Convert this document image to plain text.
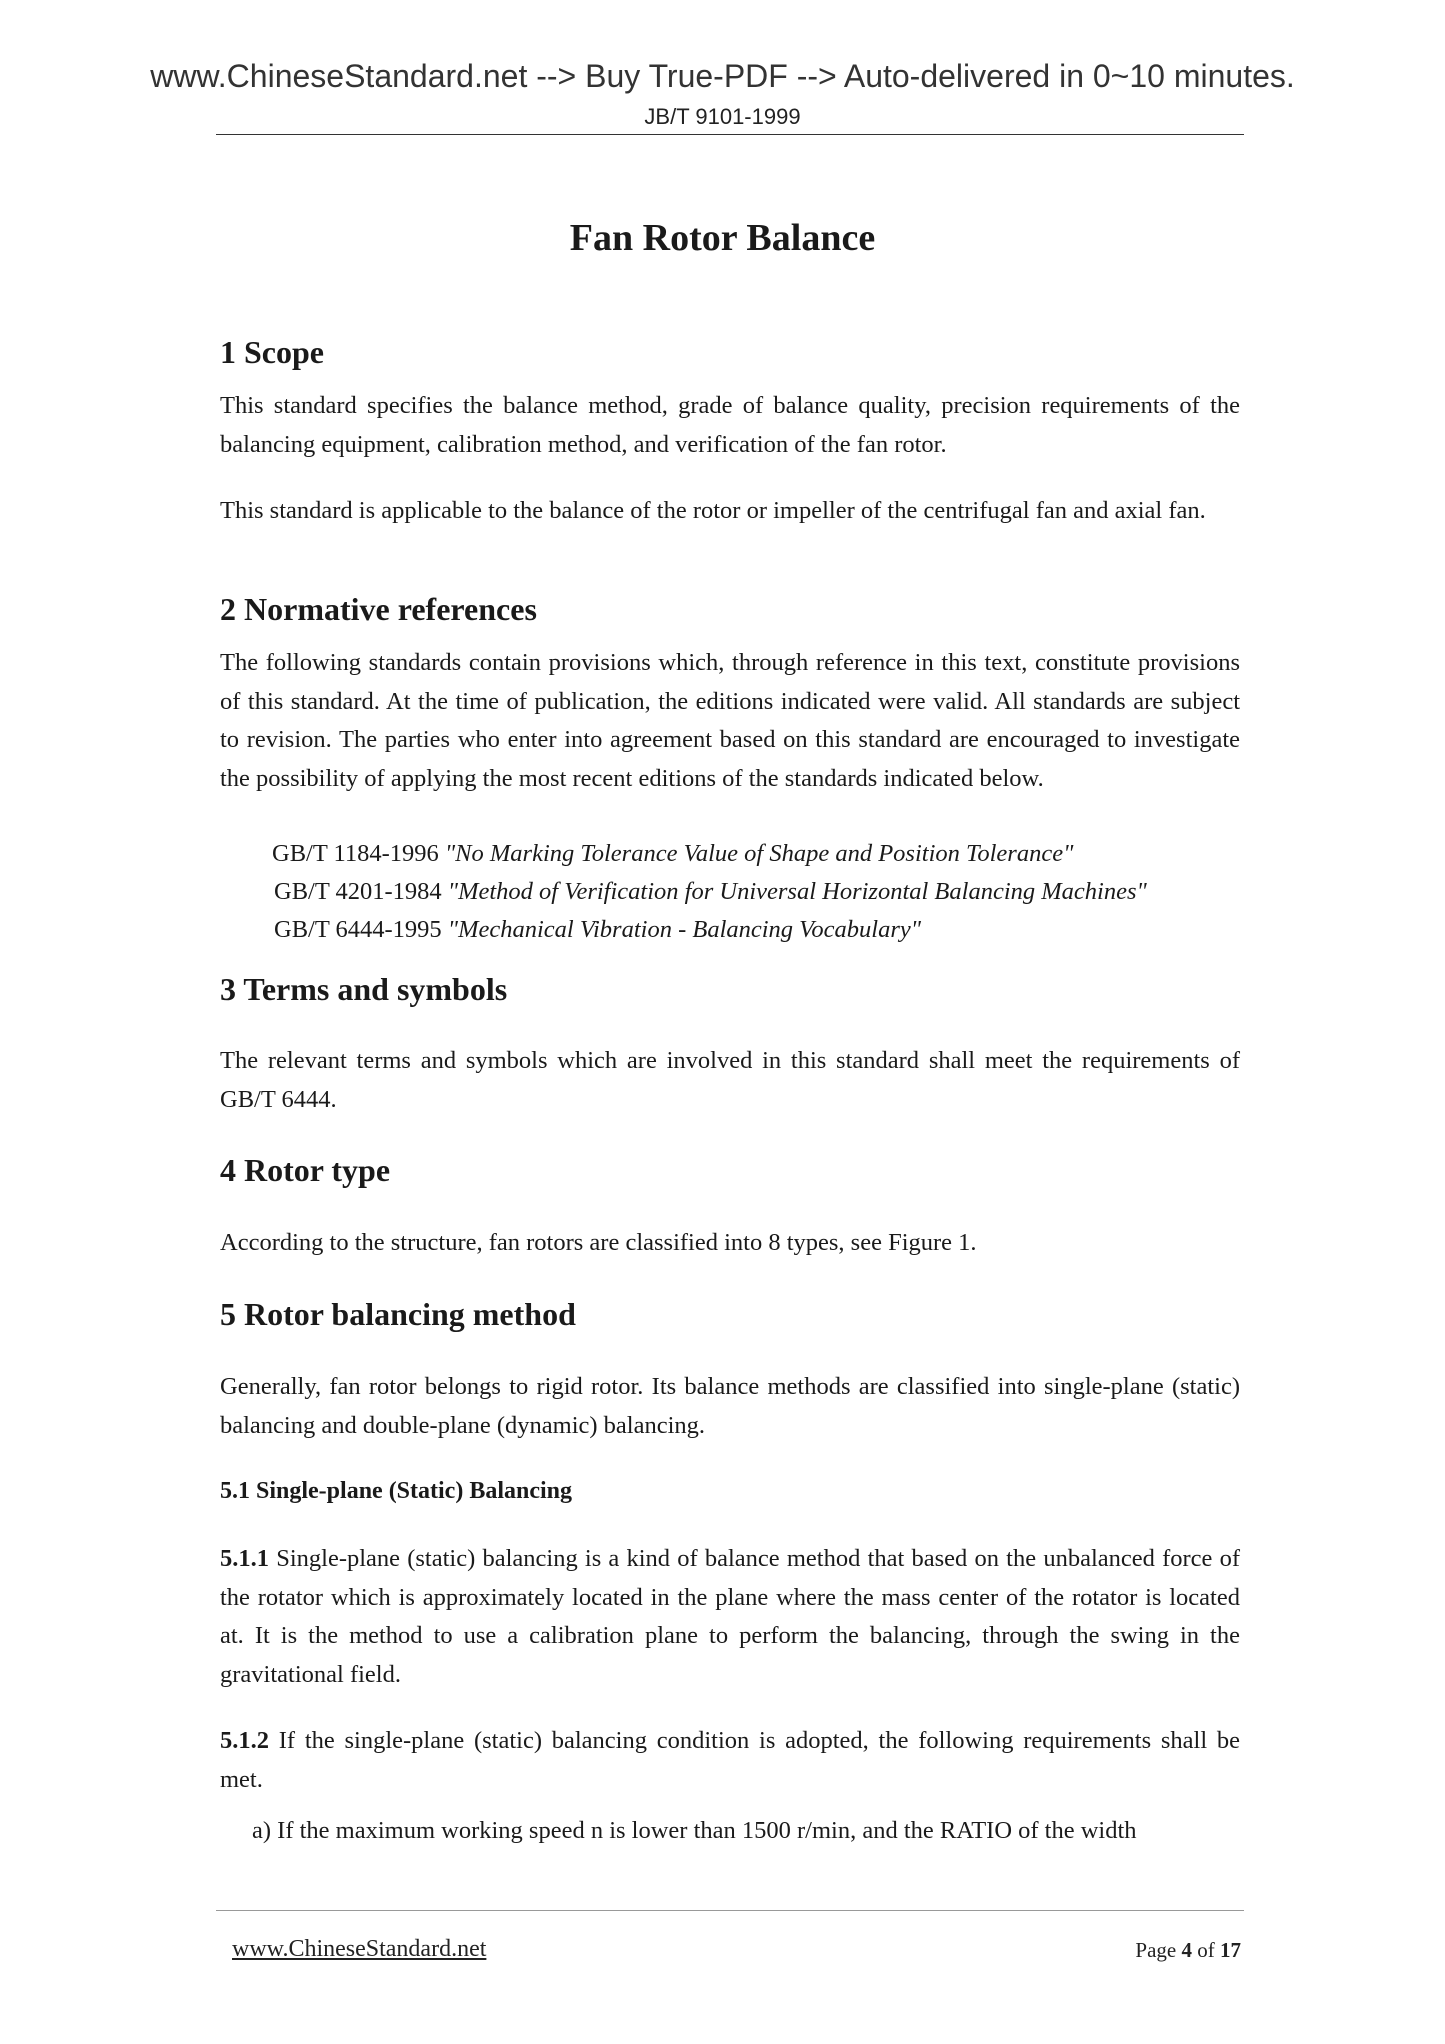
www.ChineseStandard.net --> Buy True-PDF --> Auto-delivered in 0~10 minutes.
JB/T 9101-1999
Fan Rotor Balance
1 Scope

This standard specifies the balance method, grade of balance quality, precision requirements of the balancing equipment, calibration method, and verification of the fan rotor.

This standard is applicable to the balance of the rotor or impeller of the centrifugal fan and axial fan.

2 Normative references

The following standards contain provisions which, through reference in this text, constitute provisions of this standard. At the time of publication, the editions indicated were valid. All standards are subject to revision. The parties who enter into agreement based on this standard are encouraged to investigate the possibility of applying the most recent editions of the standards indicated below.

GB/T 1184-1996 "No Marking Tolerance Value of Shape and Position Tolerance"

GB/T 4201-1984 "Method of Verification for Universal Horizontal Balancing Machines"

GB/T 6444-1995 "Mechanical Vibration - Balancing Vocabulary"

3 Terms and symbols

The relevant terms and symbols which are involved in this standard shall meet the requirements of GB/T 6444.

4 Rotor type

According to the structure, fan rotors are classified into 8 types, see Figure 1.

5 Rotor balancing method

Generally, fan rotor belongs to rigid rotor. Its balance methods are classified into single-plane (static) balancing and double-plane (dynamic) balancing.

5.1 Single-plane (Static) Balancing

5.1.1 Single-plane (static) balancing is a kind of balance method that based on the unbalanced force of the rotator which is approximately located in the plane where the mass center of the rotator is located at. It is the method to use a calibration plane to perform the balancing, through the swing in the gravitational field.

5.1.2 If the single-plane (static) balancing condition is adopted, the following requirements shall be met.

a) If the maximum working speed n is lower than 1500 r/min, and the RATIO of the width

www.ChineseStandard.net	Page 4 of 17
